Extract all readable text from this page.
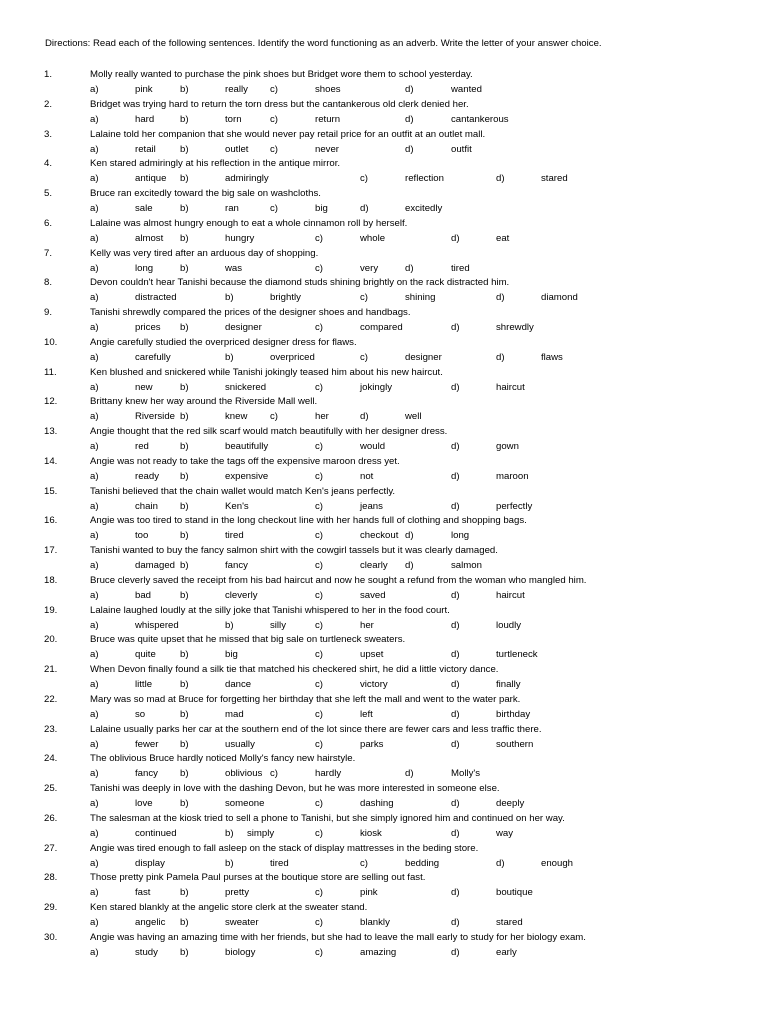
Directions: Read each of the following sentences. Identify the word functioning as an adverb. Write the letter of your answer choice.
1.	Molly really wanted to purchase the pink shoes but Bridget wore them to school yesterday.
a)	pink	b)	really c)	shoes	d)	wanted
2.	Bridget was trying hard to return the torn dress but the cantankerous old clerk denied her.
a)	hard	b)	torn	c)	return	d)	cantankerous
3.	Lalaine told her companion that she would never pay retail price for an outfit at an outlet mall.
a)	retail	b)	outlet c)	never	d)	outfit
4.	Ken stared admiringly at his reflection in the antique mirror.
a)	antique b)	admiringly	c)	reflection	d)	stared
5.	Bruce ran excitedly toward the big sale on washcloths.
a)	sale	b)	ran	c)	big	d)	excitedly
6.	Lalaine was almost hungry enough to eat a whole cinnamon roll by herself.
a)	almost b)	hungry	c)	whole	d)	eat
7.	Kelly was very tired after an arduous day of shopping.
a)	long	b)	was	c)	very	d)	tired
8.	Devon couldn't hear Tanishi because the diamond studs shining brightly on the rack distracted him.
a)	distracted	b)	brightly	c)	shining	d)	diamond
9.	Tanishi shrewdly compared the prices of the designer shoes and handbags.
a)	prices b)	designer	c)	compared	d)	shrewdly
10.	Angie carefully studied the overpriced designer dress for flaws.
a)	carefully	b)	overpriced	c)	designer	d)	flaws
11.	Ken blushed and snickered while Tanishi jokingly teased him about his new haircut.
a)	new	b)	snickered	c)	jokingly	d)	haircut
12.	Brittany knew her way around the Riverside Mall well.
a)	Riverside b)	knew c)	her	d)	well
13.	Angie thought that the red silk scarf would match beautifully with her designer dress.
a)	red	b)	beautifully	c)	would	d)	gown
14.	Angie was not ready to take the tags off the expensive maroon dress yet.
a)	ready b)	expensive	c)	not	d)	maroon
15.	Tanishi believed that the chain wallet would match Ken's jeans perfectly.
a)	chain b)	Ken's	c)	jeans	d)	perfectly
16.	Angie was too tired to stand in the long checkout line with her hands full of clothing and shopping bags.
a)	too	b)	tired	c)	checkout d)	long
17.	Tanishi wanted to buy the fancy salmon shirt with the cowgirl tassels but it was clearly damaged.
a)	damaged b)	fancy	c)	clearly d)	salmon
18.	Bruce cleverly saved the receipt from his bad haircut and now he sought a refund from the woman who mangled him.
a)	bad	b)	cleverly	c)	saved	d)	haircut
19.	Lalaine laughed loudly at the silly joke that Tanishi whispered to her in the food court.
a)	whispered	b)	silly	c)	her	d)	loudly
20.	Bruce was quite upset that he missed that big sale on turtleneck sweaters.
a)	quite	b)	big	c)	upset	d)	turtleneck
21.	When Devon finally found a silk tie that matched his checkered shirt, he did a little victory dance.
a)	little	b)	dance	c)	victory	d)	finally
22.	Mary was so mad at Bruce for forgetting her birthday that she left the mall and went to the water park.
a)	so	b)	mad	c)	left	d)	birthday
23.	Lalaine usually parks her car at the southern end of the lot since there are fewer cars and less traffic there.
a)	fewer b)	usually	c)	parks	d)	southern
24.	The oblivious Bruce hardly noticed Molly's fancy new hairstyle.
a)	fancy b)	oblivious c)	hardly	d)	Molly's
25.	Tanishi was deeply in love with the dashing Devon, but he was more interested in someone else.
a)	love	b)	someone	c)	dashing	d)	deeply
26.	The salesman at the kiosk tried to sell a phone to Tanishi, but she simply ignored him and continued on her way.
a)	continued	b) simply	c)	kiosk	d)	way
27.	Angie was tired enough to fall asleep on the stack of display mattresses in the beding store.
a)	display	b)	tired	c)	bedding	d)	enough
28.	Those pretty pink Pamela Paul purses at the boutique store are selling out fast.
a)	fast	b)	pretty	c)	pink	d)	boutique
29.	Ken stared blankly at the angelic store clerk at the sweater stand.
a)	angelic b)	sweater	c)	blankly	d)	stared
30.	Angie was having an amazing time with her friends, but she had to leave the mall early to study for her biology exam.
a)	study b)	biology	c)	amazing	d)	early
